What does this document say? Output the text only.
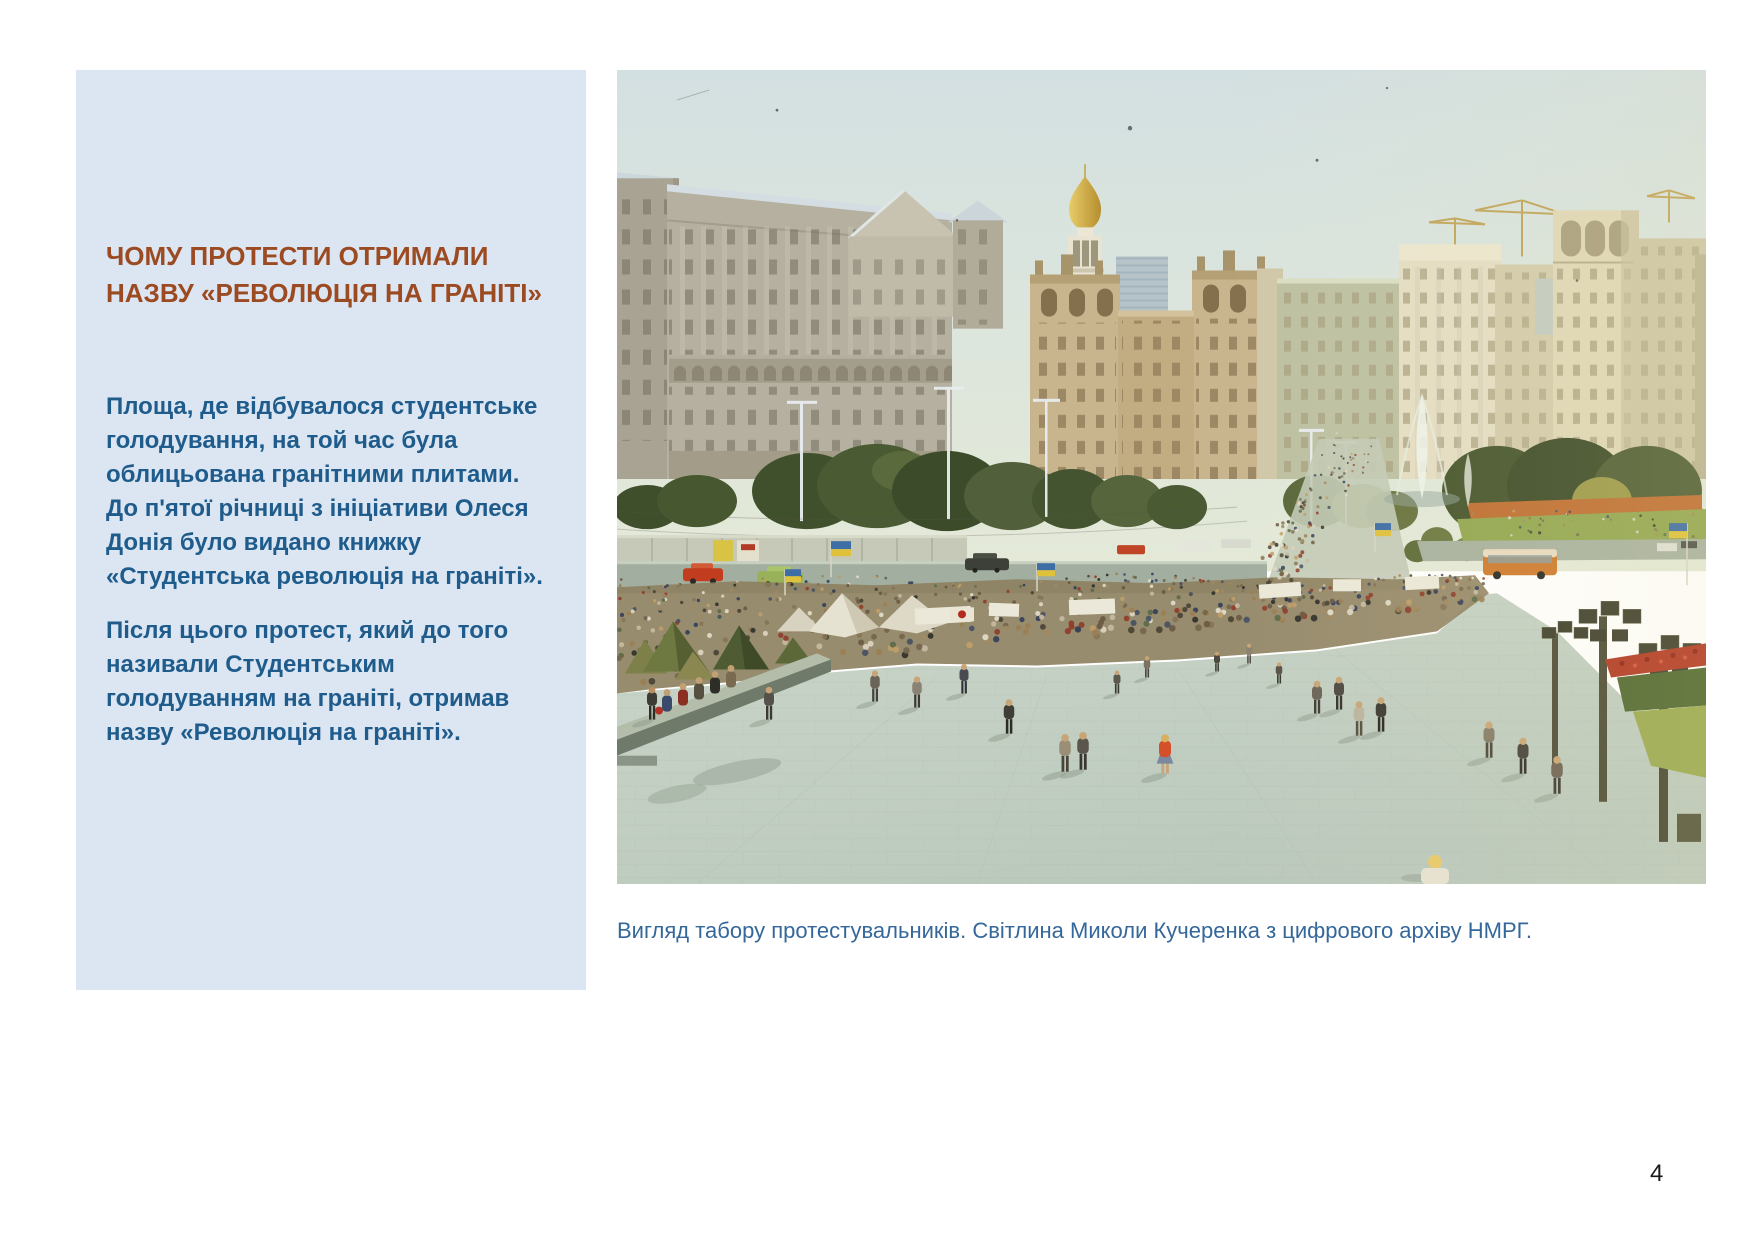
ЧОМУ ПРОТЕСТИ ОТРИМАЛИ НАЗВУ «РЕВОЛЮЦІЯ НА ГРАНІТІ»

Площа, де відбувалося студентське голодування, на той час була облицьована гранітними плитами. До п'ятої річниці з ініціативи Олеся Донія було видано книжку «Студентська революція на граніті».

Після цього протест, який до того називали Студентським голодуванням на граніті, отримав назву «Революція на граніті».

Вигляд табору протестувальників. Світлина Миколи Кучеренка з цифрового архіву НМРГ.
4
